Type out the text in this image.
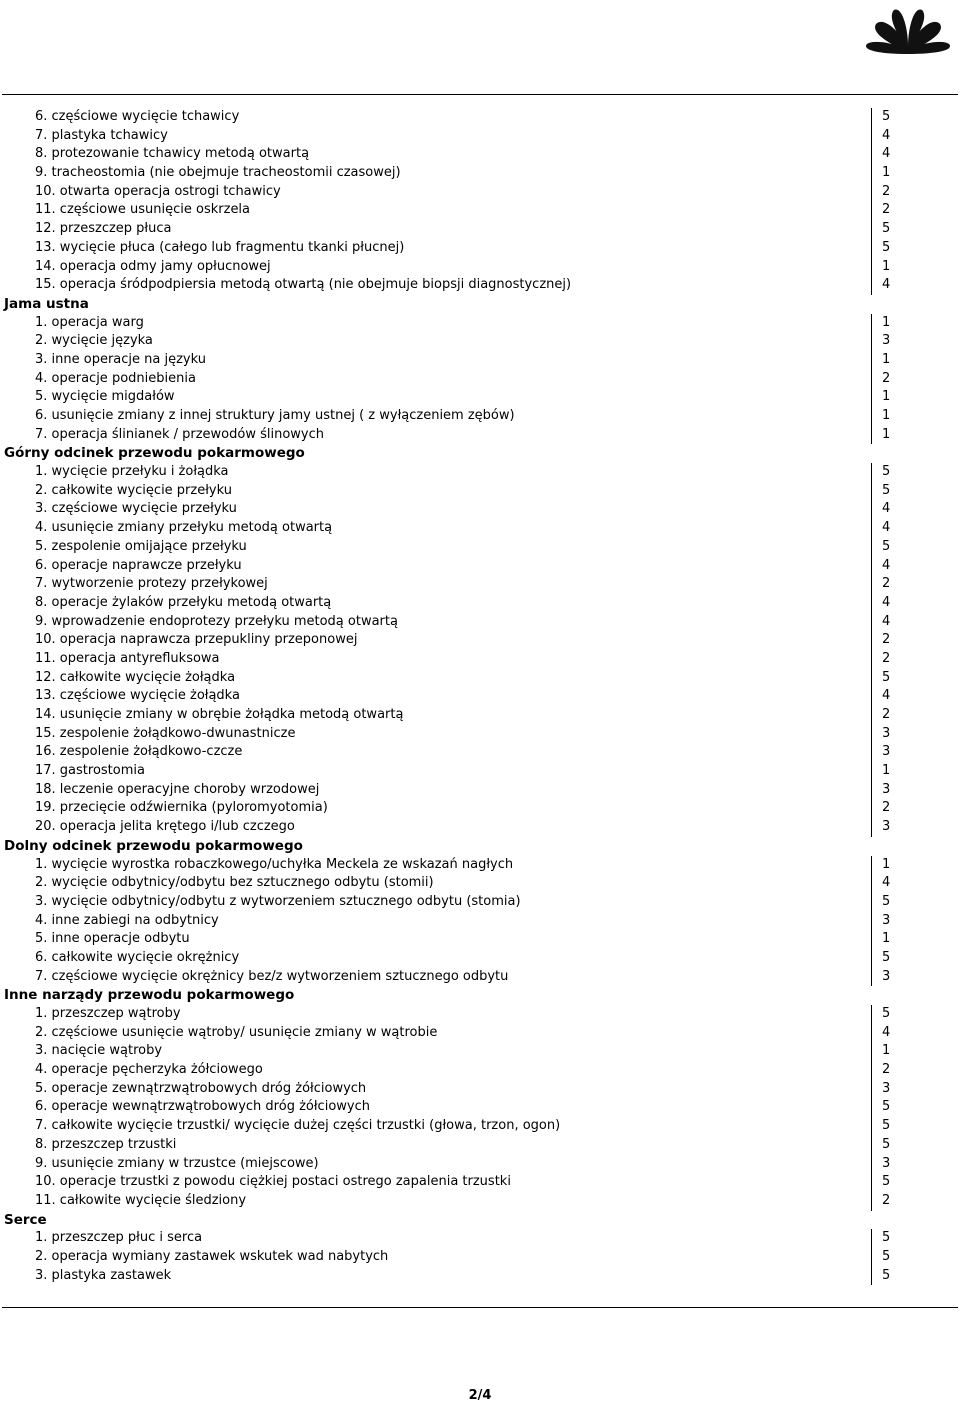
6. częściowe wycięcie tchawicy	5
7. plastyka tchawicy	4
8. protezowanie tchawicy metodą otwartą	4
9. tracheostomia (nie obejmuje tracheostomii czasowej)	1
10. otwarta operacja ostrogi tchawicy	2
11. częściowe usunięcie oskrzela	2
12. przeszczep płuca	5
13. wycięcie płuca (całego lub fragmentu tkanki płucnej)	5
14. operacja odmy jamy opłucnowej	1
15. operacja śródpodpiersia metodą otwartą (nie obejmuje biopsji diagnostycznej)	4
Jama ustna
1. operacja warg	1
2. wycięcie języka	3
3. inne operacje na języku	1
4. operacje podniebienia	2
5. wycięcie migdałów	1
6. usunięcie zmiany z innej struktury jamy ustnej ( z wyłączeniem zębów)	1
7. operacja ślinianek / przewodów ślinowych	1
Górny odcinek przewodu pokarmowego
1. wycięcie przełyku i żołądka	5
2. całkowite wycięcie przełyku	5
3. częściowe wycięcie przełyku	4
4. usunięcie zmiany przełyku metodą otwartą	4
5. zespolenie omijające przełyku	5
6. operacje naprawcze przełyku	4
7. wytworzenie protezy przełykowej	2
8. operacje żylaków przełyku metodą otwartą	4
9. wprowadzenie endoprotezy przełyku metodą otwartą	4
10. operacja naprawcza przepukliny przeponowej	2
11. operacja antyrefluksowa	2
12. całkowite wycięcie żołądka	5
13. częściowe wycięcie żołądka	4
14. usunięcie zmiany w obrębie żołądka metodą otwartą	2
15. zespolenie żołądkowo-dwunastnicze	3
16. zespolenie żołądkowo-czcze	3
17. gastrostomia	1
18. leczenie operacyjne choroby wrzodowej	3
19. przecięcie odźwiernika (pyloromyotomia)	2
20. operacja jelita krętego i/lub czczego	3
Dolny odcinek przewodu pokarmowego
1. wycięcie wyrostka robaczkowego/uchyłka Meckela ze wskazań nagłych	1
2. wycięcie odbytnicy/odbytu bez sztucznego odbytu (stomii)	4
3. wycięcie odbytnicy/odbytu z wytworzeniem sztucznego odbytu (stomia)	5
4. inne zabiegi na odbytnicy	3
5. inne operacje odbytu	1
6. całkowite wycięcie okrężnicy	5
7. częściowe wycięcie okrężnicy bez/z wytworzeniem sztucznego odbytu	3
Inne narządy przewodu pokarmowego
1. przeszczep wątroby	5
2. częściowe usunięcie wątroby/ usunięcie zmiany w wątrobie	4
3. nacięcie wątroby	1
4. operacje pęcherzyka żółciowego	2
5. operacje zewnątrzwątrobowych dróg żółciowych	3
6. operacje wewnątrzwątrobowych dróg żółciowych	5
7. całkowite wycięcie trzustki/ wycięcie dużej części trzustki (głowa, trzon, ogon)	5
8. przeszczep trzustki	5
9. usunięcie zmiany w trzustce (miejscowe)	3
10. operacje trzustki z powodu ciężkiej postaci ostrego zapalenia trzustki	5
11. całkowite wycięcie śledziony	2
Serce
1. przeszczep płuc i serca	5
2. operacja wymiany zastawek wskutek wad nabytych	5
3. plastyka zastawek	5
2/4
